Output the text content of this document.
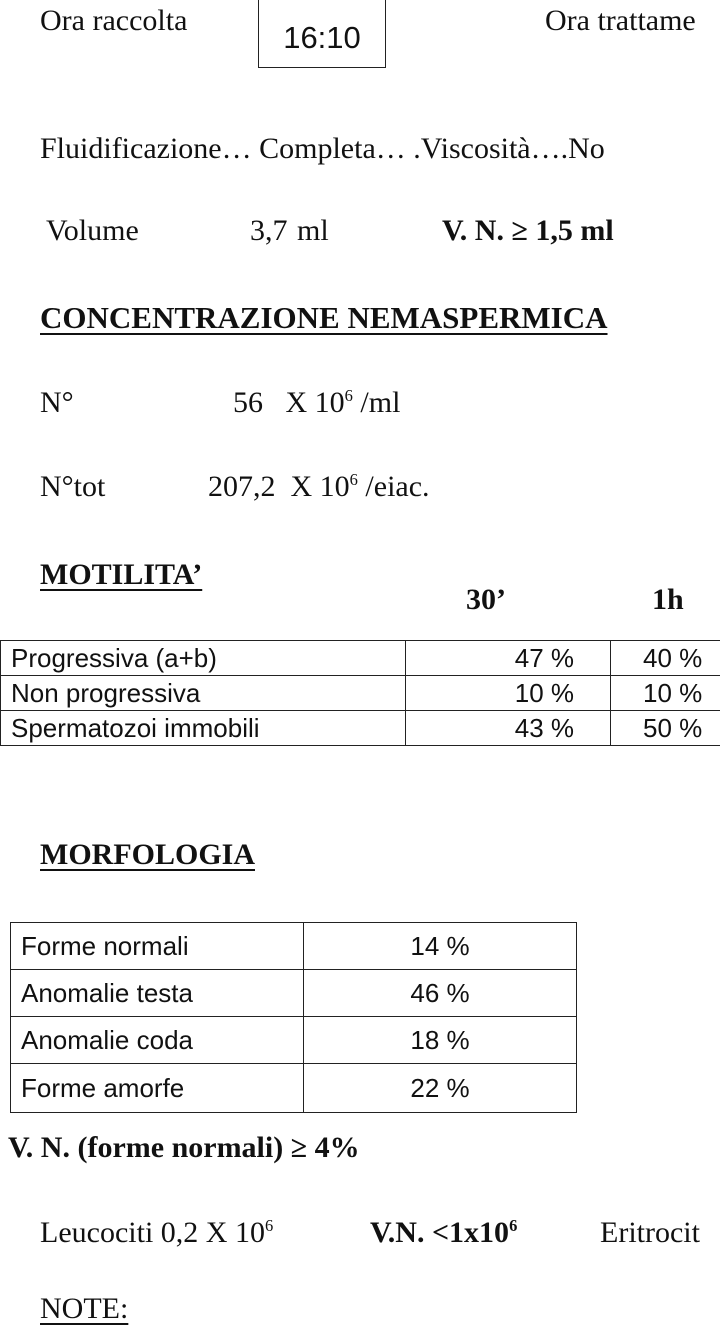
Ora raccolta	16:10	Ora trattame
Fluidificazione… Completa… .Viscosità….No
Volume	3,7 ml	V. N. ≥ 1,5 ml
CONCENTRAZIONE NEMASPERMICA
N°	56 X $10^6$ /ml
N°tot	207,2 X $10^6$ /eiac.
MOTILITA’
30’	1h
Progressiva (a+b)	47 %	40 %
Non progressiva	10 %	10 %
Spermatozoi immobili	43 %	50 %
MORFOLOGIA
Forme normali	14 %
Anomalie testa	46 %
Anomalie coda	18 %
Forme amorfe	22 %
V. N. (forme normali) ≥ 4%
Leucociti 0,2 X $10^6$	V.N. $<1x10^6$	Eritrocit
NOTE:
